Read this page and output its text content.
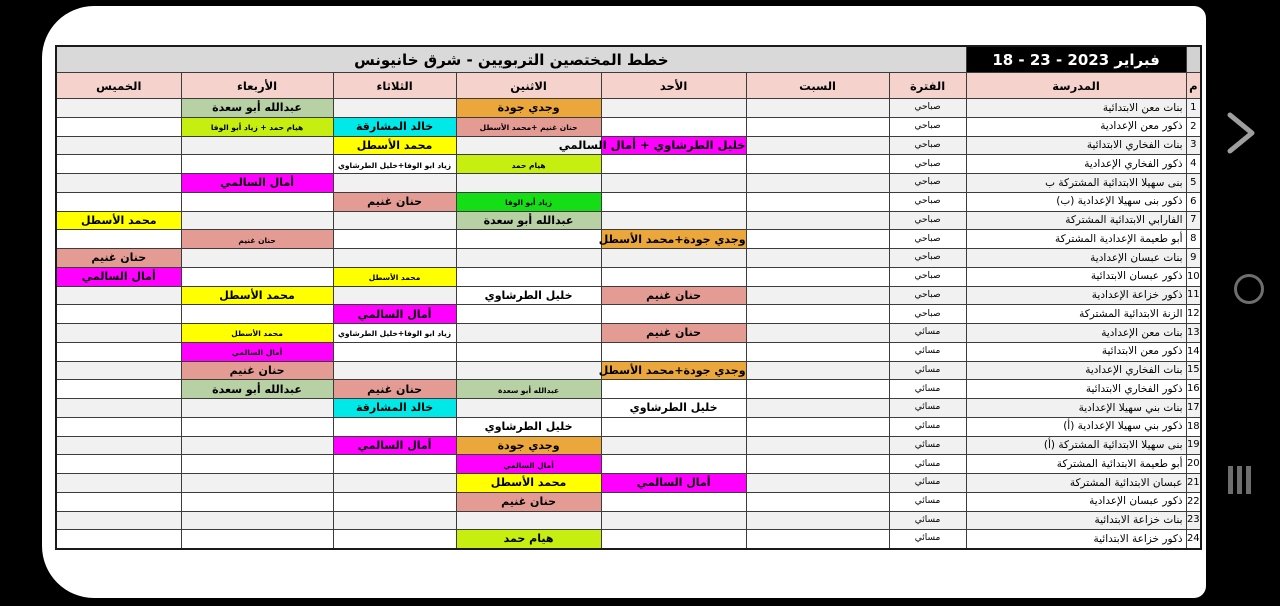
	18 - 23 - فبراير 2023	خطط المختصين التربويين - شرق خانيونس						
م	المدرسة	الفترة	السبت	الأحد	الاثنين	الثلاثاء	الأربعاء	الخميس
1	بنات معن الابتدائية	صباحي			وجدي جودة		عبدالله أبو سعدة	
2	ذكور معن الإعدادية	صباحي			حنان غنيم +محمد الأسطل	خالد المشارقة	هيام حمد + زياد أبو الوفا	
3	بنات الفخاري الابتدائية	صباحي		خليل الطرشاوي + أمال السالمي		محمد الأسطل		
4	ذكور الفخاري الإعدادية	صباحي			هيام حمد	زياد ابو الوفا+خليل الطرشاوي		
5	بنى سهيلا الابتدائية المشتركة ب	صباحي					أمال السالمي	
6	ذكور بنى سهيلا الإعدادية (ب)	صباحي			زياد أبو الوفا	حنان غنيم		
7	الفارابي الابتدائية المشتركة	صباحي			عبدالله أبو سعدة			محمد الأسطل
8	أبو طعيمة الإعدادية المشتركة	صباحي		وجدي جودة+محمد الأسطل			حنان غنيم	
9	بنات عبسان الإعدادية	صباحي						حنان غنيم
10	ذكور عبسان الابتدائية	صباحي				محمد الأسطل		أمال السالمي
11	ذكور خزاعة الإعدادية	صباحي		حنان غنيم	خليل الطرشاوي		محمد الأسطل	
12	الزنة الابتدائية المشتركة	صباحي				أمال السالمي		
13	بنات معن الإعدادية	مسائي		حنان غنيم		زياد ابو الوفا+خليل الطرشاوي	محمد الأسطل	
14	ذكور معن الابتدائية	مسائي					أمال السالمي	
15	بنات الفخاري الإعدادية	مسائي		وجدي جودة+محمد الأسطل			حنان غنيم	
16	ذكور الفخاري الابتدائية	مسائي			عبدالله أبو سعدة	حنان غنيم	عبدالله أبو سعدة	
17	بنات بني سهيلا الإعدادية	مسائي		خليل الطرشاوي		خالد المشارقة		
18	ذكور بني سهيلا الإعدادية (أ)	مسائي			خليل الطرشاوي			
19	بنى سهيلا الابتدائية المشتركة (أ)	مسائي			وجدي جودة	أمال السالمي		
20	أبو طعيمة الابتدائية المشتركة	مسائي			أمال السالمي			
21	عبسان الابتدائية المشتركة	مسائي		أمال السالمي	محمد الأسطل			
22	ذكور عبسان الإعدادية	مسائي			حنان غنيم			
23	بنات خزاعة الابتدائية	مسائي						
24	ذكور خزاعة الابتدائية	مسائي			هيام حمد			
